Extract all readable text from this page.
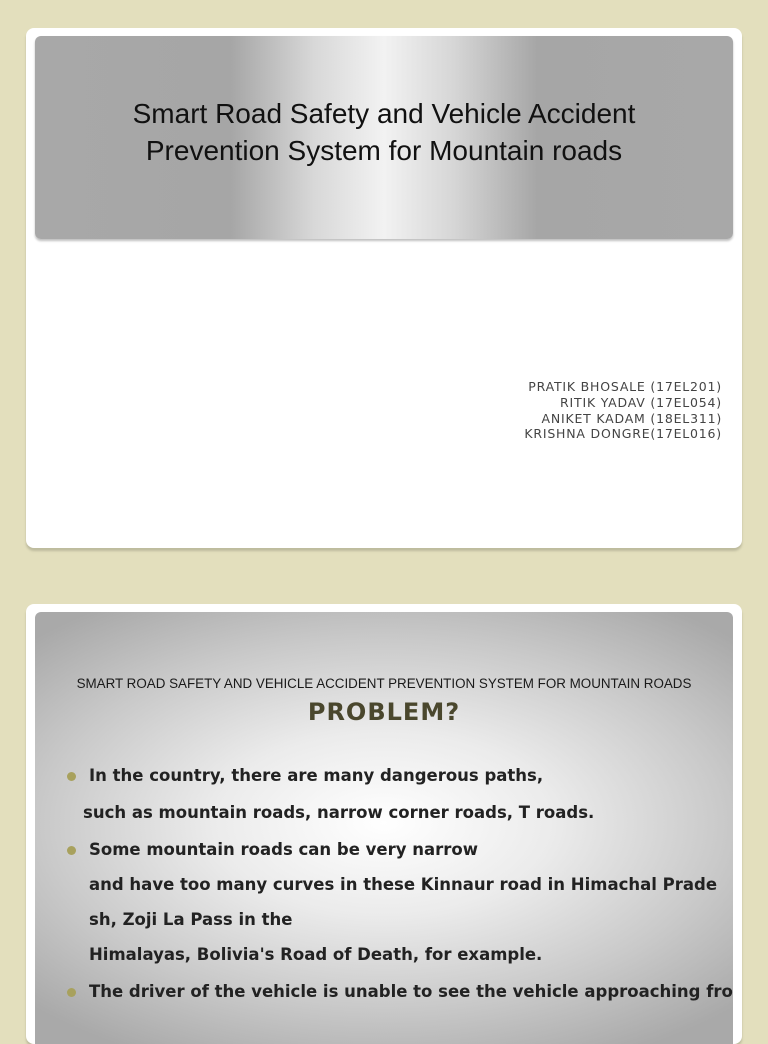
Smart Road Safety and Vehicle Accident Prevention System for Mountain roads
PRATIK BHOSALE (17EL201)
RITIK YADAV (17EL054)
ANIKET KADAM (18EL311)
KRISHNA DONGRE(17EL016)
SMART ROAD SAFETY AND VEHICLE ACCIDENT PREVENTION SYSTEM FOR MOUNTAIN ROADS
PROBLEM?
In the country, there are many dangerous paths,
such as mountain roads, narrow corner roads, T roads.
Some mountain roads can be very narrow
and have too many curves in these Kinnaur road in Himachal Prade
sh, Zoji La Pass in the
Himalayas, Bolivia's Road of Death, for example.
The driver of the vehicle is unable to see the vehicle approaching fro
